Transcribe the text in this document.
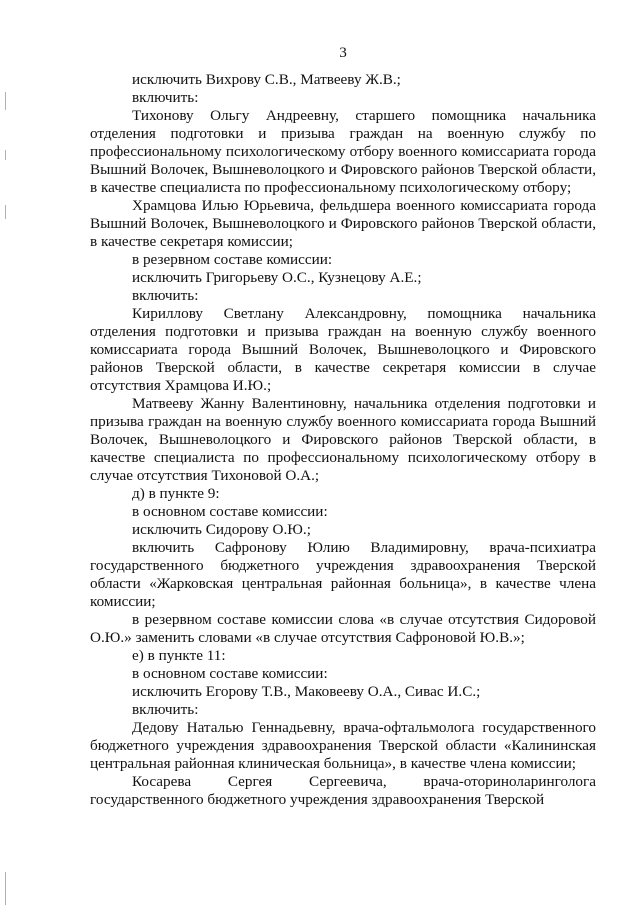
3

исключить Вихрову С.В., Матвееву Ж.В.;

включить:

Тихонову Ольгу Андреевну, старшего помощника начальника отделения подготовки и призыва граждан на военную службу по профессиональному психологическому отбору военного комиссариата города Вышний Волочек, Вышневолоцкого и Фировского районов Тверской области, в качестве специалиста по профессиональному психологическому отбору;

Храмцова Илью Юрьевича, фельдшера военного комиссариата города Вышний Волочек, Вышневолоцкого и Фировского районов Тверской области, в качестве секретаря комиссии;

в резервном составе комиссии:

исключить Григорьеву О.С., Кузнецову А.Е.;

включить:

Кириллову Светлану Александровну, помощника начальника отделения подготовки и призыва граждан на военную службу военного комиссариата города Вышний Волочек, Вышневолоцкого и Фировского районов Тверской области, в качестве секретаря комиссии в случае отсутствия Храмцова И.Ю.;

Матвееву Жанну Валентиновну, начальника отделения подготовки и призыва граждан на военную службу военного комиссариата города Вышний Волочек, Вышневолоцкого и Фировского районов Тверской области, в качестве специалиста по профессиональному психологическому отбору в случае отсутствия Тихоновой О.А.;

д) в пункте 9:

в основном составе комиссии:

исключить Сидорову О.Ю.;

включить Сафронову Юлию Владимировну, врача-психиатра государственного бюджетного учреждения здравоохранения Тверской области «Жарковская центральная районная больница», в качестве члена комиссии;

в резервном составе комиссии слова «в случае отсутствия Сидоровой О.Ю.» заменить словами «в случае отсутствия Сафроновой Ю.В.»;

е) в пункте 11:

в основном составе комиссии:

исключить Егорову Т.В., Маковееву О.А., Сивас И.С.;

включить:

Дедову Наталью Геннадьевну, врача-офтальмолога государственного бюджетного учреждения здравоохранения Тверской области «Калининская центральная районная клиническая больница», в качестве члена комиссии;

Косарева Сергея Сергеевича, врача-оториноларинголога государственного бюджетного учреждения здравоохранения Тверской
